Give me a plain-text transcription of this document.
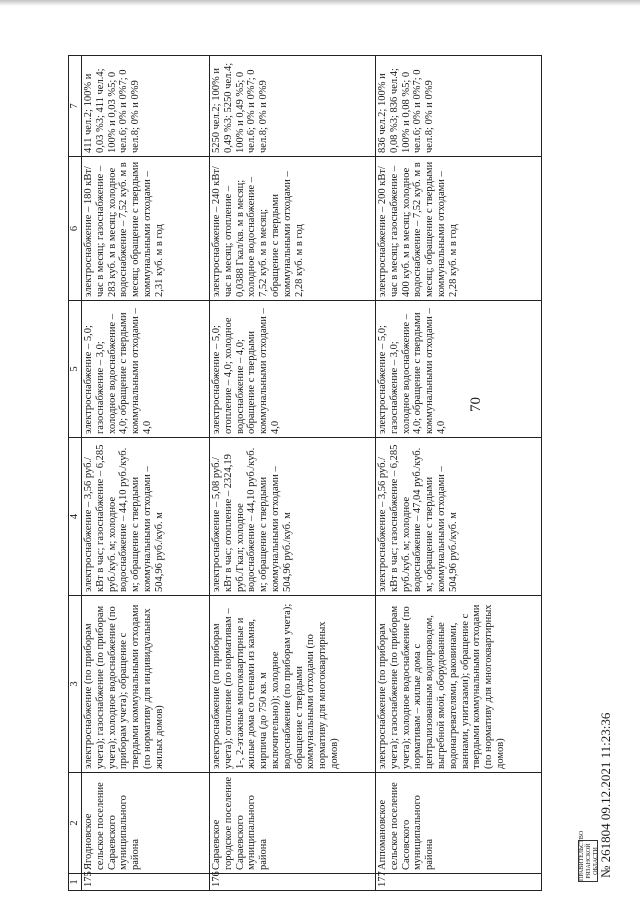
70
1	2	3	4	5	6	7
175	Ягодновское сельское поселение Сараевского муниципального района	электроснабжение (по приборам учета); газоснабжение (по приборам учета); холодное водоснабжение (по приборам учета); обращение с твердыми коммунальными отходами (по нормативу для индивидуальных жилых домов)	электроснабжение – 3,56 руб./кВт в час; газоснабжение – 6,285 руб./куб. м; холодное водоснабжение – 44,10 руб./куб. м; обращение с твердыми коммунальными отходами – 504,96 руб./куб. м	электроснабжение – 5,0; газоснабжение – 3,0; холодное водоснабжение – 4,0; обращение с твердыми коммунальными отходами – 4,0	электроснабжение – 180 кВт/час в месяц; газоснабжение – 283 куб. м в месяц; холодное водоснабжение – 7,52 куб. м в месяц; обращение с твердыми коммунальными отходами – 2,31 куб. м в год	411 чел.2; 100% и 0,03 %3; 411 чел.4; 100% и 0,03 %5; 0 чел.6; 0% и 0%7; 0 чел.8; 0% и 0%9
176	Сараевское городское поселение Сараевского муниципального района	электроснабжение (по приборам учета); отопление (по нормативам – 1-, 2-этажные многоквартирные и жилые дома со стенами из камня, кирпича (до 750 кв. м включительно)); холодное водоснабжение (по приборам учета); обращение с твердыми коммунальными отходами (по нормативу для многоквартирных домов)	электроснабжение – 5,08 руб./кВт в час; отопление – 2324,19 руб./Гкал; холодное водоснабжение – 44,10 руб./куб. м; обращение с твердыми коммунальными отходами – 504,96 руб./куб. м	электроснабжение – 5,0; отопление – 4,0; холодное водоснабжение – 4,0; обращение с твердыми коммунальными отходами – 4,0	электроснабжение – 240 кВт/час в месяц; отопление – 0,0388 Гкал/кв. м в месяц; холодное водоснабжение – 7,52 куб. м в месяц; обращение с твердыми коммунальными отходами – 2,28 куб. м в год	5250 чел.2; 100% и 0,49 %3; 5250 чел.4; 100% и 0,49 %5; 0 чел.6; 0% и 0%7; 0 чел.8; 0% и 0%9
177	Аппомановское сельское поселение Сасовского муниципального района	электроснабжение (по приборам учета); газоснабжение (по приборам учета); холодное водоснабжение (по нормативам – жилые дома с централизованным водопроводом, выгребной ямой, оборудованные водонагревателями, раковинами, ваннами, унитазами); обращение с твердыми коммунальными отходами (по нормативу для многоквартирных домов)	электроснабжение – 3,56 руб./кВт в час; газоснабжение – 6,285 руб./куб. м; холодное водоснабжение – 47,04 руб./куб. м; обращение с твердыми коммунальными отходами – 504,96 руб./куб. м	электроснабжение – 5,0; газоснабжение – 3,0; холодное водоснабжение – 4,0; обращение с твердыми коммунальными отходами – 4,0	электроснабжение – 200 кВт/час в месяц; газоснабжение – 400 куб. м в месяц; холодное водоснабжение – 7,52 куб. м в месяц; обращение с твердыми коммунальными отходами – 2,28 куб. м в год	836 чел.2; 100% и 0,08 %3; 836 чел.4; 100% и 0,08 %5; 0 чел.6; 0% и 0%7; 0 чел.8; 0% и 0%9
ПРАВИТЕЛЬСТВО РЯЗАНСКОЙ ОБЛАСТИ № 261804 09.12.2021 11:23:36
